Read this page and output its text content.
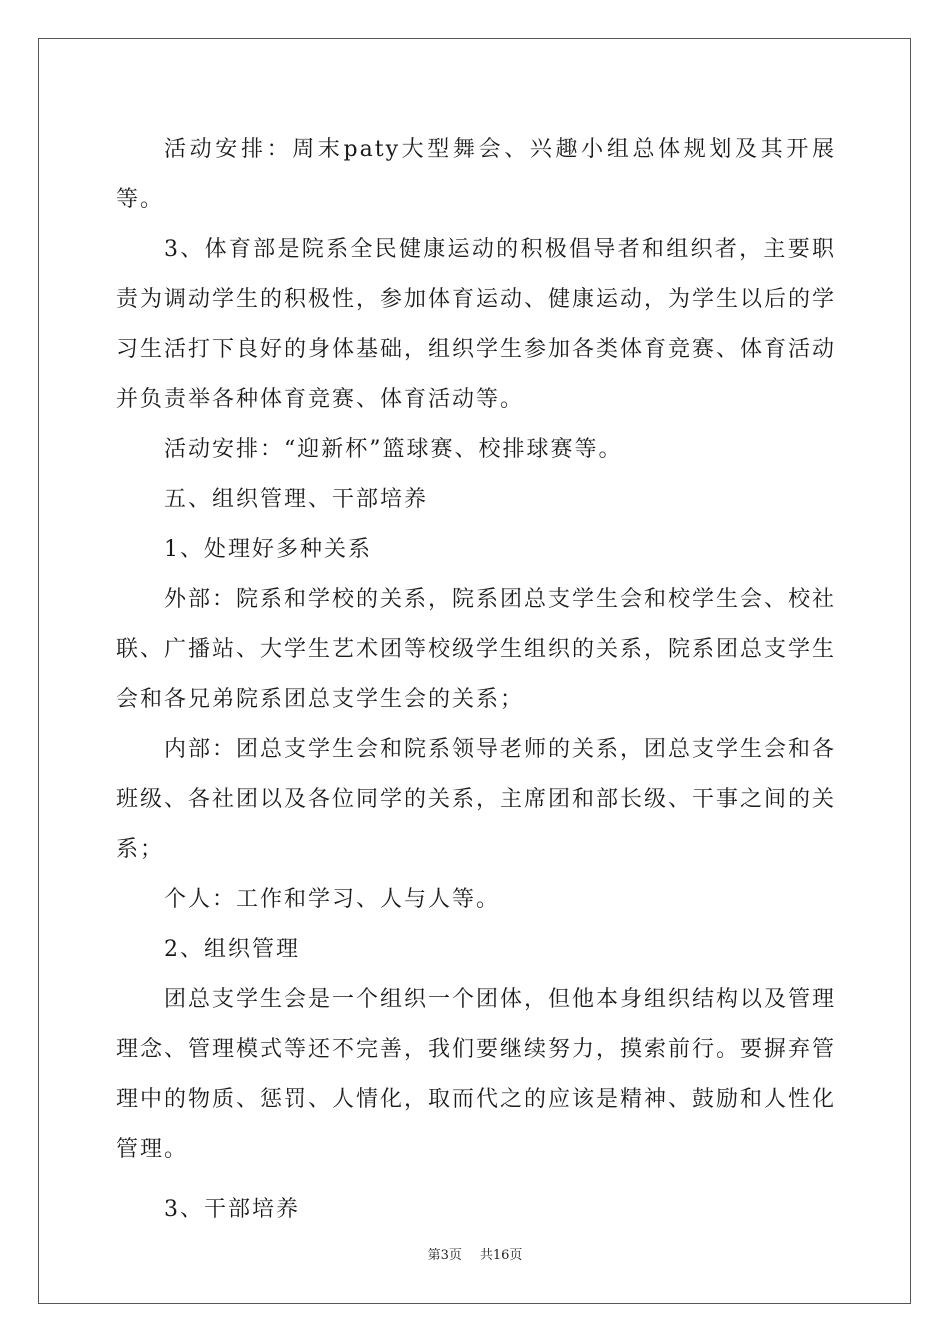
活动安排：周末paty大型舞会、兴趣小组总体规划及其开展等。

3、体育部是院系全民健康运动的积极倡导者和组织者，主要职责为调动学生的积极性，参加体育运动、健康运动，为学生以后的学习生活打下良好的身体基础，组织学生参加各类体育竞赛、体育活动并负责举各种体育竞赛、体育活动等。

活动安排：“迎新杯”篮球赛、校排球赛等。

五、组织管理、干部培养

1、处理好多种关系

外部：院系和学校的关系，院系团总支学生会和校学生会、校社联、广播站、大学生艺术团等校级学生组织的关系，院系团总支学生会和各兄弟院系团总支学生会的关系；

内部：团总支学生会和院系领导老师的关系，团总支学生会和各班级、各社团以及各位同学的关系，主席团和部长级、干事之间的关系；

个人：工作和学习、人与人等。

2、组织管理

团总支学生会是一个组织一个团体，但他本身组织结构以及管理理念、管理模式等还不完善，我们要继续努力，摸索前行。要摒弃管理中的物质、惩罚、人情化，取而代之的应该是精神、鼓励和人性化管理。

3、干部培养

第3页 共16页
